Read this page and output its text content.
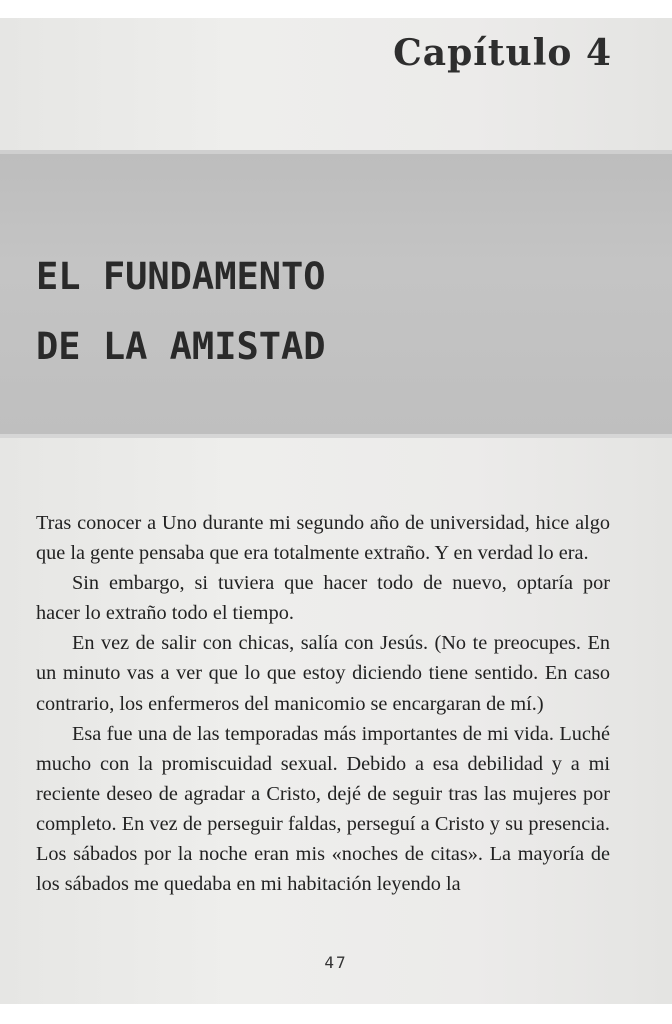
Capítulo 4
EL FUNDAMENTO
DE LA AMISTAD

Tras conocer a Uno durante mi segundo año de universidad, hice algo que la gente pensaba que era totalmente extraño. Y en verdad lo era.

Sin embargo, si tuviera que hacer todo de nuevo, optaría por hacer lo extraño todo el tiempo.

En vez de salir con chicas, salía con Jesús. (No te preocupes. En un minuto vas a ver que lo que estoy diciendo tiene sentido. En caso contrario, los enfermeros del manicomio se encargaran de mí.)

Esa fue una de las temporadas más importantes de mi vida. Luché mucho con la promiscuidad sexual. Debido a esa debilidad y a mi reciente deseo de agradar a Cristo, dejé de seguir tras las mujeres por completo. En vez de perseguir faldas, perseguí a Cristo y su presencia. Los sábados por la noche eran mis «noches de citas». La mayoría de los sábados me quedaba en mi habitación leyendo la

47
